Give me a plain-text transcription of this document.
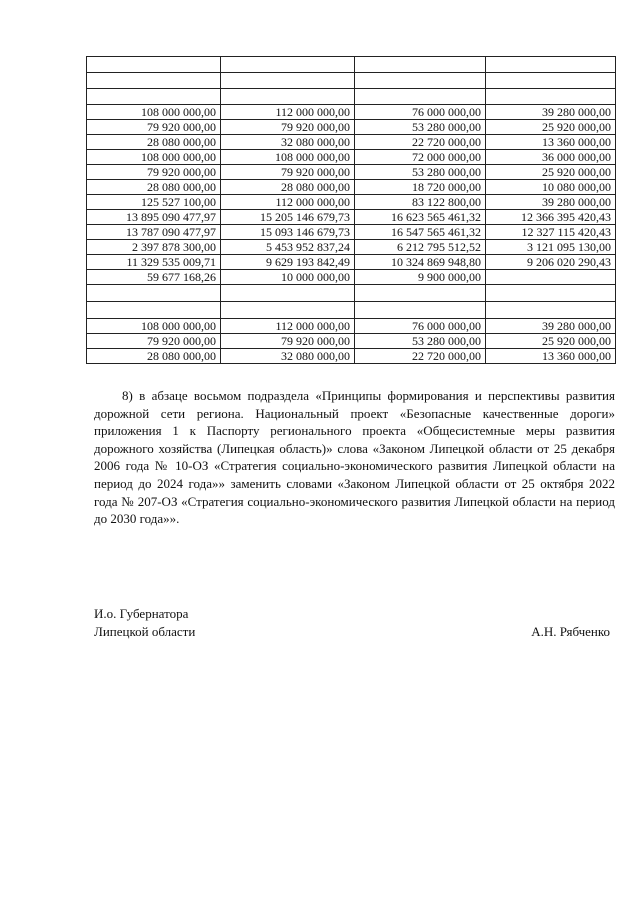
108 000 000,00	112 000 000,00	76 000 000,00	39 280 000,00
79 920 000,00	79 920 000,00	53 280 000,00	25 920 000,00
28 080 000,00	32 080 000,00	22 720 000,00	13 360 000,00
108 000 000,00	108 000 000,00	72 000 000,00	36 000 000,00
79 920 000,00	79 920 000,00	53 280 000,00	25 920 000,00
28 080 000,00	28 080 000,00	18 720 000,00	10 080 000,00
125 527 100,00	112 000 000,00	83 122 800,00	39 280 000,00
13 895 090 477,97	15 205 146 679,73	16 623 565 461,32	12 366 395 420,43
13 787 090 477,97	15 093 146 679,73	16 547 565 461,32	12 327 115 420,43
2 397 878 300,00	5 453 952 837,24	6 212 795 512,52	3 121 095 130,00
11 329 535 009,71	9 629 193 842,49	10 324 869 948,80	9 206 020 290,43
59 677 168,26	10 000 000,00	9 900 000,00	

108 000 000,00	112 000 000,00	76 000 000,00	39 280 000,00
79 920 000,00	79 920 000,00	53 280 000,00	25 920 000,00
28 080 000,00	32 080 000,00	22 720 000,00	13 360 000,00

8) в абзаце восьмом подраздела «Принципы формирования и перспективы развития дорожной сети региона. Национальный проект «Безопасные качественные дороги» приложения 1 к Паспорту регионального проекта «Общесистемные меры развития дорожного хозяйства (Липецкая область)» слова «Законом Липецкой области от 25 декабря 2006 года № 10-ОЗ «Стратегия социально-экономического развития Липецкой области на период до 2024 года»» заменить словами «Законом Липецкой области от 25 октября 2022 года № 207-ОЗ «Стратегия социально-экономического развития Липецкой области на период до 2030 года»».

И.о. Губернатора
Липецкой области	А.Н. Рябченко
